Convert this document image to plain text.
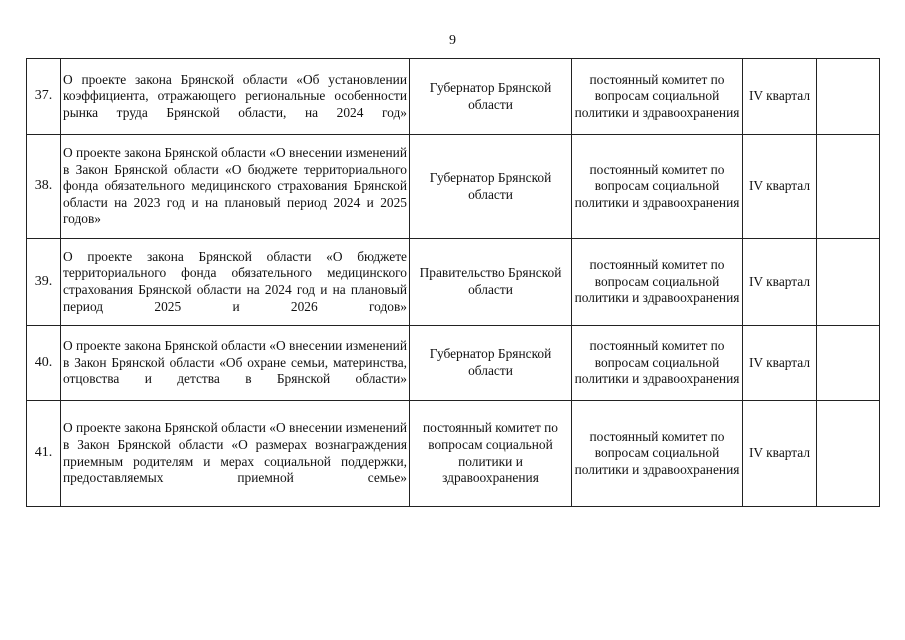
9
37.	О проекте закона Брянской области «Об установлении коэффициента, отражающего региональные особенности рынка труда Брянской области, на 2024 год»	Губернатор Брянской области	постоянный комитет по вопросам социальной политики и здравоохранения	IV квартал	
38.	О проекте закона Брянской области «О внесении изменений в Закон Брянской области «О бюджете территориального фонда обязательного медицинского страхования Брянской области на 2023 год и на плановый период 2024 и 2025 годов»	Губернатор Брянской области	постоянный комитет по вопросам социальной политики и здравоохранения	IV квартал	
39.	О проекте закона Брянской области «О бюджете территориального фонда обязательного медицинского страхования Брянской области на 2024 год и на плановый период 2025 и 2026 годов»	Правительство Брянской области	постоянный комитет по вопросам социальной политики и здравоохранения	IV квартал	
40.	О проекте закона Брянской области «О внесении изменений в Закон Брянской области «Об охране семьи, материнства, отцовства и детства в Брянской области»	Губернатор Брянской области	постоянный комитет по вопросам социальной политики и здравоохранения	IV квартал	
41.	О проекте закона Брянской области «О внесении изменений в Закон Брянской области «О размерах вознаграждения приемным родителям и мерах социальной поддержки, предоставляемых приемной семье»	постоянный комитет по вопросам социальной политики и здравоохранения	постоянный комитет по вопросам социальной политики и здравоохранения	IV квартал	
